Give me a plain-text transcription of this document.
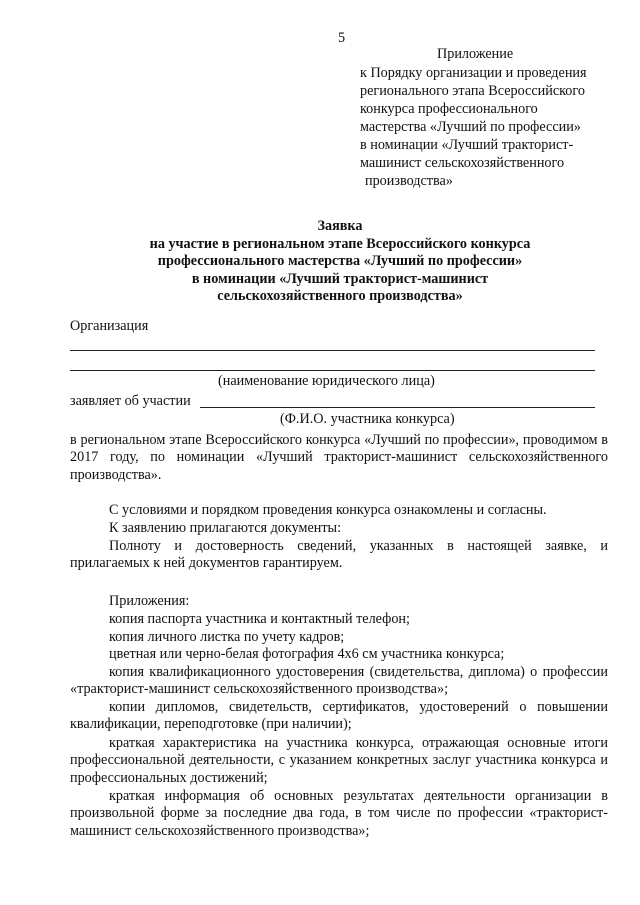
5
Приложение
к Порядку организации и проведения
регионального этапа Всероссийского
конкурса профессионального
мастерства «Лучший по профессии»
в номинации «Лучший тракторист-
машинист сельскохозяйственного
производства»
Заявка
на участие в региональном этапе Всероссийского конкурса
профессионального мастерства «Лучший по профессии»
в номинации «Лучший тракторист-машинист
сельскохозяйственного производства»
Организация
(наименование юридического лица)
заявляет об участии
(Ф.И.О. участника конкурса)
в региональном этапе Всероссийского конкурса «Лучший по профессии», проводимом в 2017 году, по номинации «Лучший тракторист-машинист сельскохозяйственного производства».
С условиями и порядком проведения конкурса ознакомлены и согласны.
К заявлению прилагаются документы:
Полноту и достоверность сведений, указанных в настоящей заявке, и прилагаемых к ней документов гарантируем.
Приложения:
копия паспорта участника и контактный телефон;
копия личного листка по учету кадров;
цветная или черно-белая фотография 4х6 см участника конкурса;
копия квалификационного удостоверения (свидетельства, диплома) о профессии «тракторист-машинист сельскохозяйственного производства»;
копии дипломов, свидетельств, сертификатов, удостоверений о повышении квалификации, переподготовке (при наличии);
краткая характеристика на участника конкурса, отражающая основные итоги профессиональной деятельности, с указанием конкретных заслуг участника конкурса и профессиональных достижений;
краткая информация об основных результатах деятельности организации в произвольной форме за последние два года, в том числе по профессии «тракторист-машинист сельскохозяйственного производства»;
